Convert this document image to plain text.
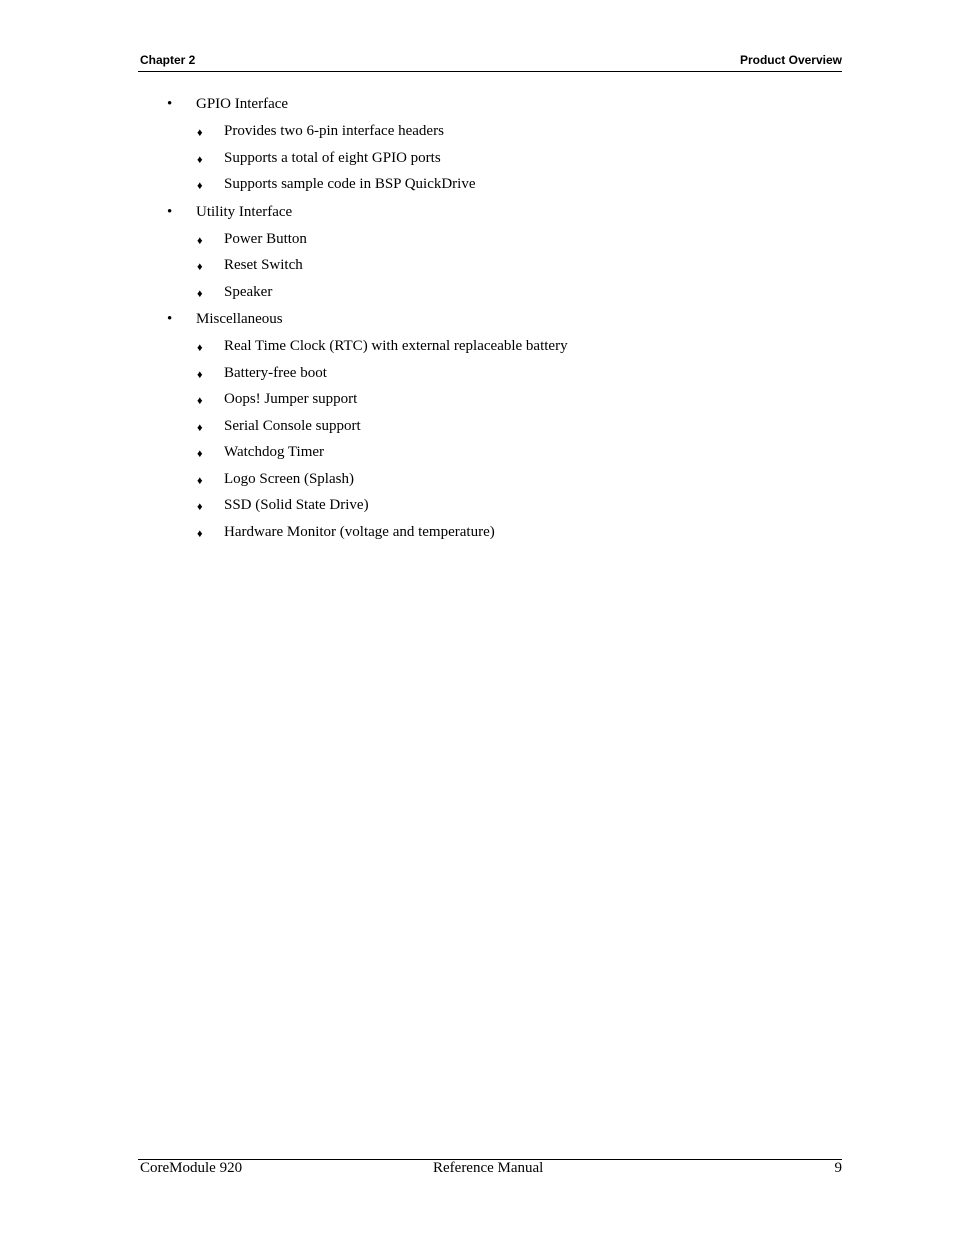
Chapter 2	Product Overview
• GPIO Interface
♦ Provides two 6-pin interface headers
♦ Supports a total of eight GPIO ports
♦ Supports sample code in BSP QuickDrive
• Utility Interface
♦ Power Button
♦ Reset Switch
♦ Speaker
• Miscellaneous
♦ Real Time Clock (RTC) with external replaceable battery
♦ Battery-free boot
♦ Oops! Jumper support
♦ Serial Console support
♦ Watchdog Timer
♦ Logo Screen (Splash)
♦ SSD (Solid State Drive)
♦ Hardware Monitor (voltage and temperature)
CoreModule 920	Reference Manual	9
